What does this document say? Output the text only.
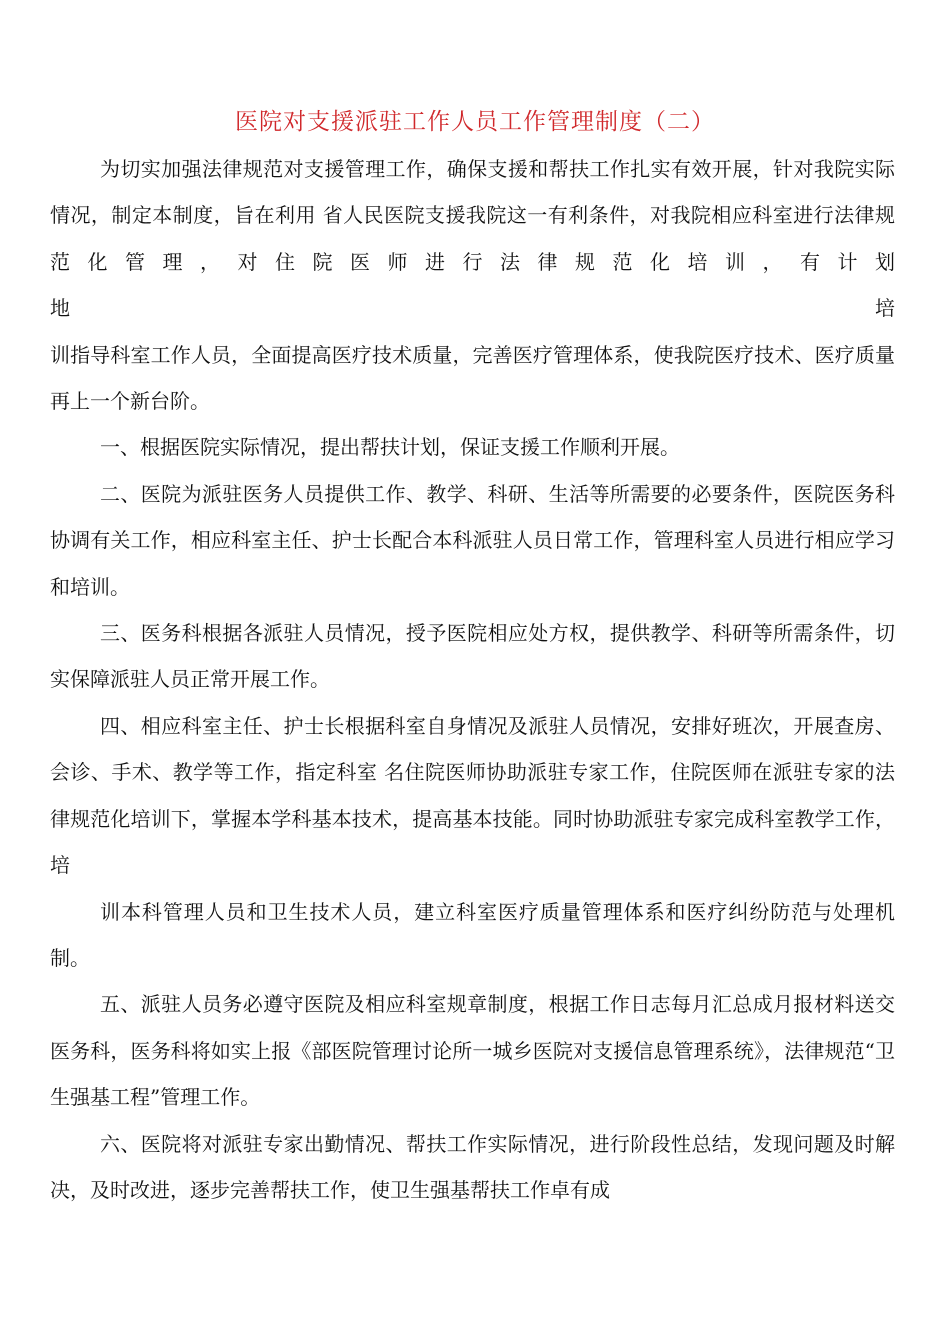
医院对支援派驻工作人员工作管理制度（二）

为切实加强法律规范对支援管理工作，确保支援和帮扶工作扎实有效开展，针对我院实际情况，制定本制度，旨在利用 省人民医院支援我院这一有利条件，对我院相应科室进行法律规范化管理，对住院医师进行法律规范化培训，有计划

地 培

训指导科室工作人员，全面提高医疗技术质量，完善医疗管理体系，使我院医疗技术、医疗质量再上一个新台阶。

一、根据医院实际情况，提出帮扶计划，保证支援工作顺利开展。

二、医院为派驻医务人员提供工作、教学、科研、生活等所需要的必要条件，医院医务科协调有关工作，相应科室主任、护士长配合本科派驻人员日常工作，管理科室人员进行相应学习和培训。

三、医务科根据各派驻人员情况，授予医院相应处方权，提供教学、科研等所需条件，切实保障派驻人员正常开展工作。

四、相应科室主任、护士长根据科室自身情况及派驻人员情况，安排好班次，开展查房、会诊、手术、教学等工作，指定科室 名住院医师协助派驻专家工作，住院医师在派驻专家的法律规范化培训下，掌握本学科基本技术，提高基本技能。同时协助派驻专家完成科室教学工作，培

训本科管理人员和卫生技术人员，建立科室医疗质量管理体系和医疗纠纷防范与处理机制。

五、派驻人员务必遵守医院及相应科室规章制度，根据工作日志每月汇总成月报材料送交医务科，医务科将如实上报《部医院管理讨论所一城乡医院对支援信息管理系统》，法律规范“卫生强基工程”管理工作。

六、医院将对派驻专家出勤情况、帮扶工作实际情况，进行阶段性总结，发现问题及时解决，及时改进，逐步完善帮扶工作，使卫生强基帮扶工作卓有成
